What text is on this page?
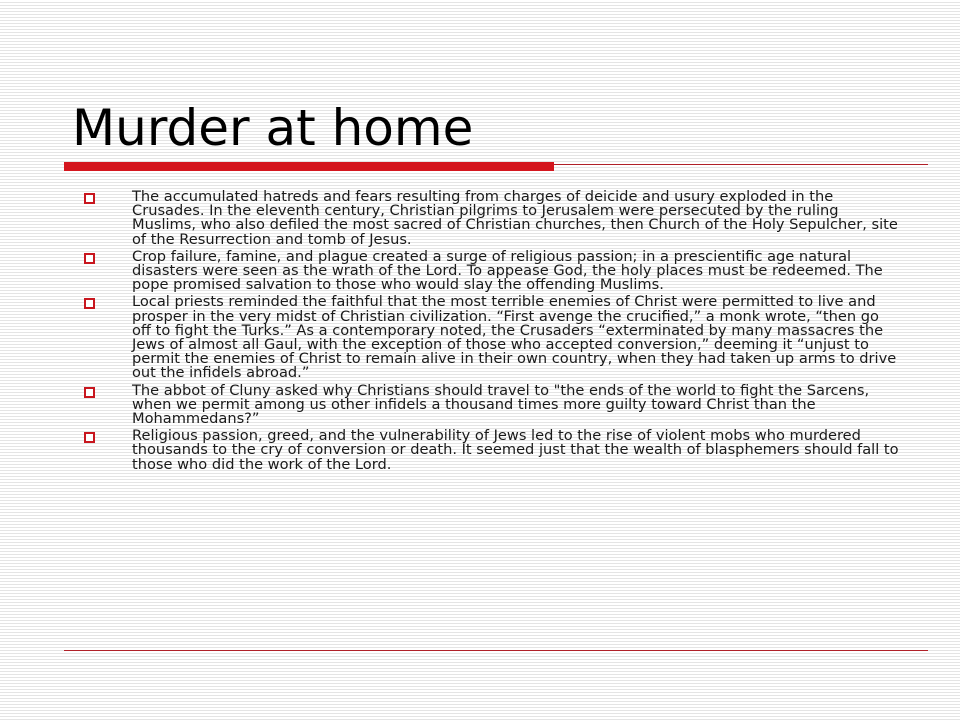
Murder at home
The accumulated hatreds and fears resulting from charges of deicide and usury exploded in the Crusades. In the eleventh century, Christian pilgrims to Jerusalem were persecuted by the ruling Muslims, who also defiled the most sacred of Christian churches, then Church of the Holy Sepulcher, site of the Resurrection and tomb of Jesus.
Crop failure, famine, and plague created a surge of religious passion; in a prescientific age natural disasters were seen as the wrath of the Lord. To appease God, the holy places must be redeemed. The pope promised salvation to those who would slay the offending Muslims.
Local priests reminded the faithful that the most terrible enemies of Christ were permitted to live and prosper in the very midst of Christian civilization. “First avenge the crucified,” a monk wrote, “then go off to fight the Turks.” As a contemporary noted, the Crusaders “exterminated by many massacres the Jews of almost all Gaul, with the exception of those who accepted conversion,” deeming it “unjust to permit the enemies of Christ to remain alive in their own country, when they had taken up arms to drive out the infidels abroad.”
The abbot of Cluny asked why Christians should travel to "the ends of the world to fight the Sarcens, when we permit among us other infidels a thousand times more guilty toward Christ than the Mohammedans?”
Religious passion, greed, and the vulnerability of Jews led to the rise of violent mobs who murdered thousands to the cry of conversion or death. It seemed just that the wealth of blasphemers should fall to those who did the work of the Lord.
